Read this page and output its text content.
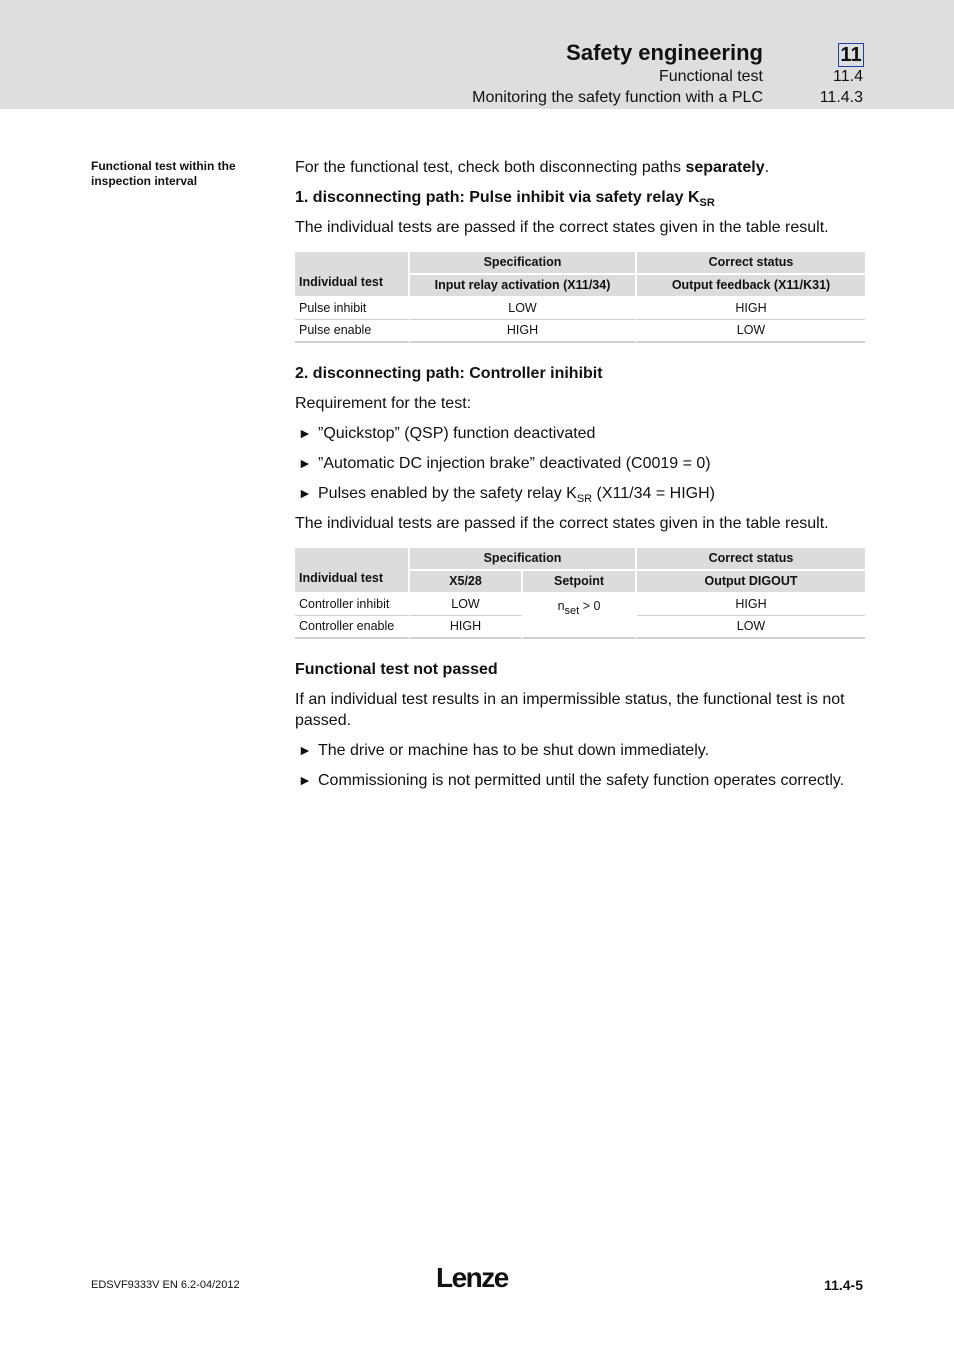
Safety engineering	11
Functional test	11.4
Monitoring the safety function with a PLC	11.4.3
Functional test within the inspection interval

For the functional test, check both disconnecting paths separately.

1. disconnecting path: Pulse inhibit via safety relay $K_{SR}$

The individual tests are passed if the correct states given in the table result.

Individual test	Specification	Correct status
	Input relay activation (X11/34)	Output feedback (X11/K31)
Pulse inhibit	LOW	HIGH
Pulse enable	HIGH	LOW

2. disconnecting path: Controller inihibit

Requirement for the test:

► ”Quickstop” (QSP) function deactivated
► ”Automatic DC injection brake” deactivated (C0019 = 0)
► Pulses enabled by the safety relay $K_{SR}$ (X11/34 = HIGH)

The individual tests are passed if the correct states given in the table result.

Individual test	Specification		Correct status
	X5/28	Setpoint	Output DIGOUT
Controller inhibit	LOW	$n_{set} > 0$	HIGH
Controller enable	HIGH		LOW

Functional test not passed

If an individual test results in an impermissible status, the functional test is not passed.

► The drive or machine has to be shut down immediately.
► Commissioning is not permitted until the safety function operates correctly.
EDSVF9333V EN 6.2-04/2012	Lenze	11.4-5
